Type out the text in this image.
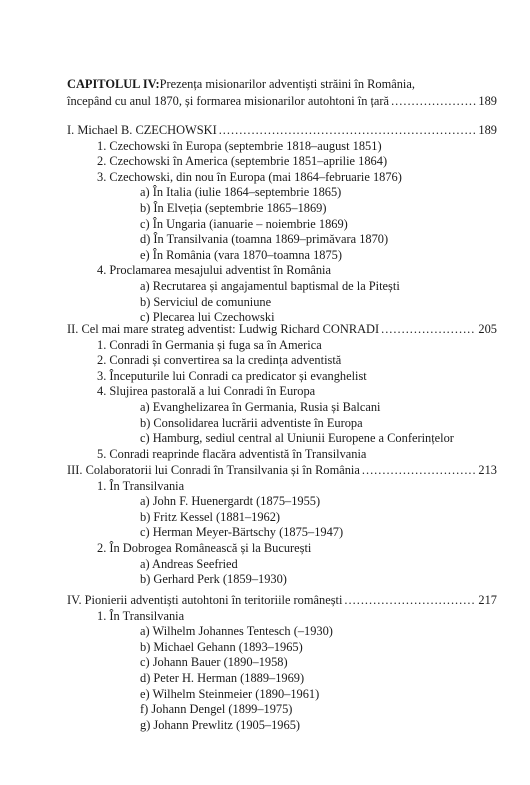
CAPITOLUL IV: Prezența misionarilor adventiști străini în România,
începând cu anul 1870, și formarea misionarilor autohtoni în țară .....	189
I. Michael B. CZECHOWSKI .....	189
1. Czechowski în Europa (septembrie 1818–august 1851)
2. Czechowski în America (septembrie 1851–aprilie 1864)
3. Czechowski, din nou în Europa (mai 1864–februarie 1876)
a) În Italia (iulie 1864–septembrie 1865)
b) În Elveția (septembrie 1865–1869)
c) În Ungaria (ianuarie – noiembrie 1869)
d) În Transilvania (toamna 1869–primăvara 1870)
e) În România (vara 1870–toamna 1875)
4. Proclamarea mesajului adventist în România
a) Recrutarea și angajamentul baptismal de la Pitești
b) Serviciul de comuniune
c) Plecarea lui Czechowski
II. Cel mai mare strateg adventist: Ludwig Richard CONRADI .....	205
1. Conradi în Germania și fuga sa în America
2. Conradi și convertirea sa la credința adventistă
3. Începuturile lui Conradi ca predicator și evanghelist
4. Slujirea pastorală a lui Conradi în Europa
a) Evanghelizarea în Germania, Rusia și Balcani
b) Consolidarea lucrării adventiste în Europa
c) Hamburg, sediul central al Uniunii Europene a Conferințelor
5. Conradi reaprinde flacăra adventistă în Transilvania
III. Colaboratorii lui Conradi în Transilvania și în România .....	213
1. În Transilvania
a) John F. Huenergardt (1875–1955)
b) Fritz Kessel (1881–1962)
c) Herman Meyer-Bärtschy (1875–1947)
2. În Dobrogea Românească și la București
a) Andreas Seefried
b) Gerhard Perk (1859–1930)
IV. Pionierii adventiști autohtoni în teritoriile românești .....	217
1. În Transilvania
a) Wilhelm Johannes Tentesch (–1930)
b) Michael Gehann (1893–1965)
c) Johann Bauer (1890–1958)
d) Peter H. Herman (1889–1969)
e) Wilhelm Steinmeier (1890–1961)
f) Johann Dengel (1899–1975)
g) Johann Prewlitz (1905–1965)
